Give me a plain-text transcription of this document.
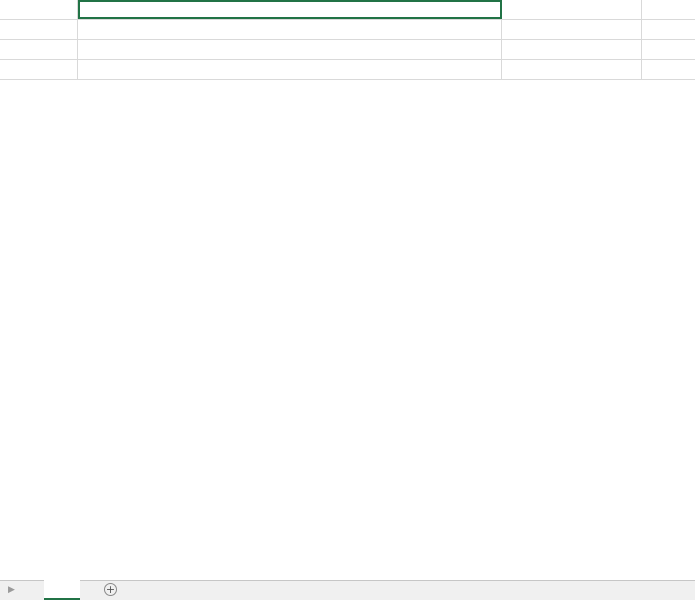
▶	+
